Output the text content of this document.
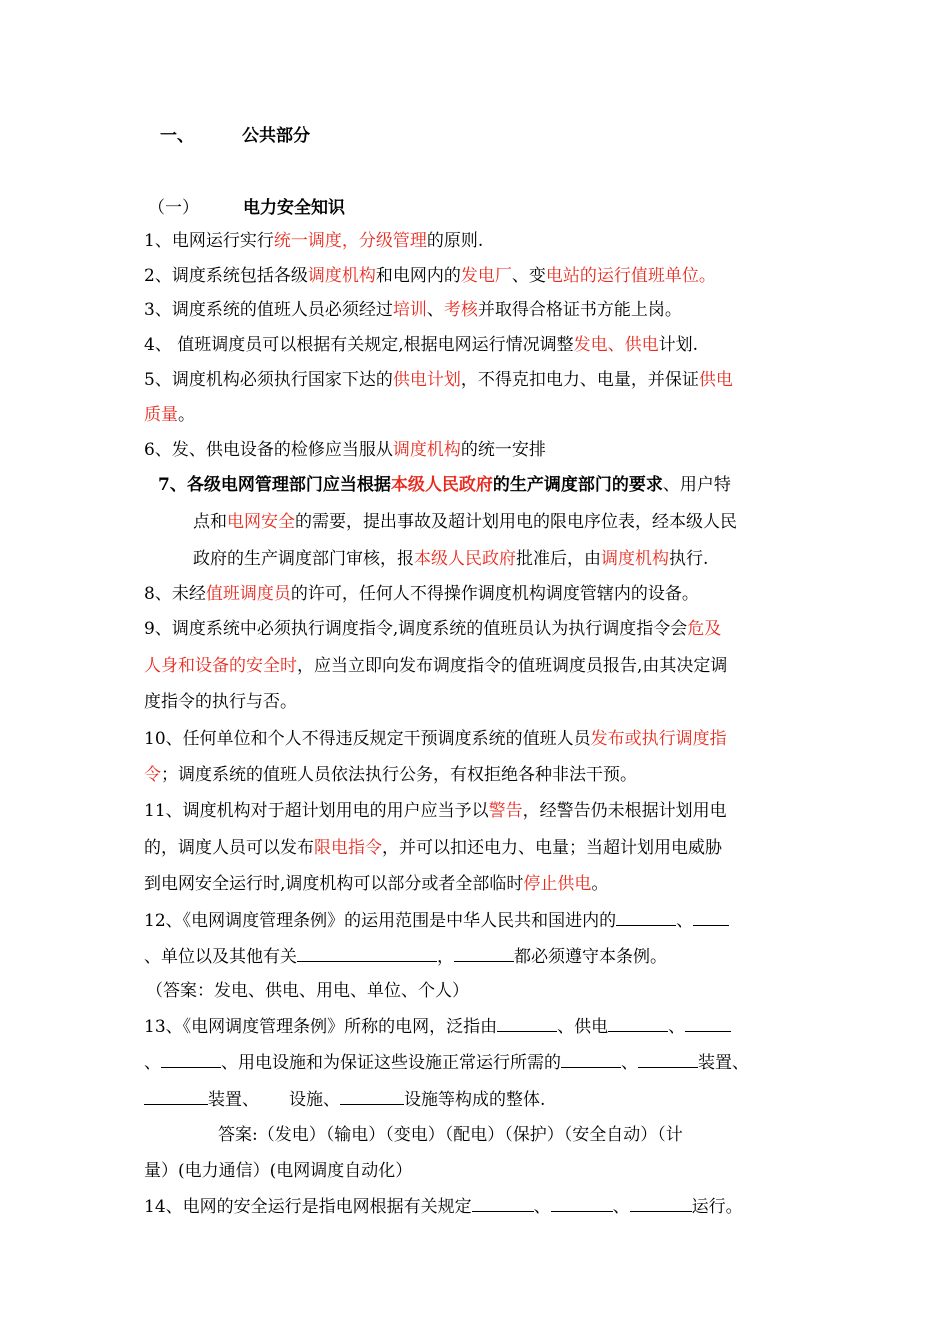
一、	公共部分
（一）	电力安全知识
1、电网运行实行统一调度，分级管理的原则.
2、调度系统包括各级调度机构和电网内的发电厂、变电站的运行值班单位。
3、调度系统的值班人员必须经过培训、考核并取得合格证书方能上岗。
4、 值班调度员可以根据有关规定,根据电网运行情况调整发电、供电计划.
5、调度机构必须执行国家下达的供电计划，不得克扣电力、电量，并保证供电
质量。
6、发、供电设备的检修应当服从调度机构的统一安排
7、各级电网管理部门应当根据本级人民政府的生产调度部门的要求、用户特
点和电网安全的需要，提出事故及超计划用电的限电序位表，经本级人民
政府的生产调度部门审核，报本级人民政府批准后，由调度机构执行.
8、未经值班调度员的许可，任何人不得操作调度机构调度管辖内的设备。
9、调度系统中必须执行调度指令,调度系统的值班员认为执行调度指令会危及
人身和设备的安全时，应当立即向发布调度指令的值班调度员报告,由其决定调
度指令的执行与否。
10、任何单位和个人不得违反规定干预调度系统的值班人员发布或执行调度指
令；调度系统的值班人员依法执行公务，有权拒绝各种非法干预。
11、调度机构对于超计划用电的用户应当予以警告，经警告仍未根据计划用电
的，调度人员可以发布限电指令，并可以扣还电力、电量；当超计划用电威胁
到电网安全运行时,调度机构可以部分或者全部临时停止供电。
12、《电网调度管理条例》的运用范围是中华人民共和国进内的	、
、单位以及其他有关	，	都必须遵守本条例。
（答案：发电、供电、用电、单位、个人）
13、《电网调度管理条例》所称的电网，泛指由	、供电	、
、	、用电设施和为保证这些设施正常运行所需的	、	装置、
装置、 设施、	设施等构成的整体.
答案:（发电）（输电）（变电）（配电）（保护）（安全自动）（计
量）(电力通信）(电网调度自动化）
14、电网的安全运行是指电网根据有关规定	、	、	运行。
